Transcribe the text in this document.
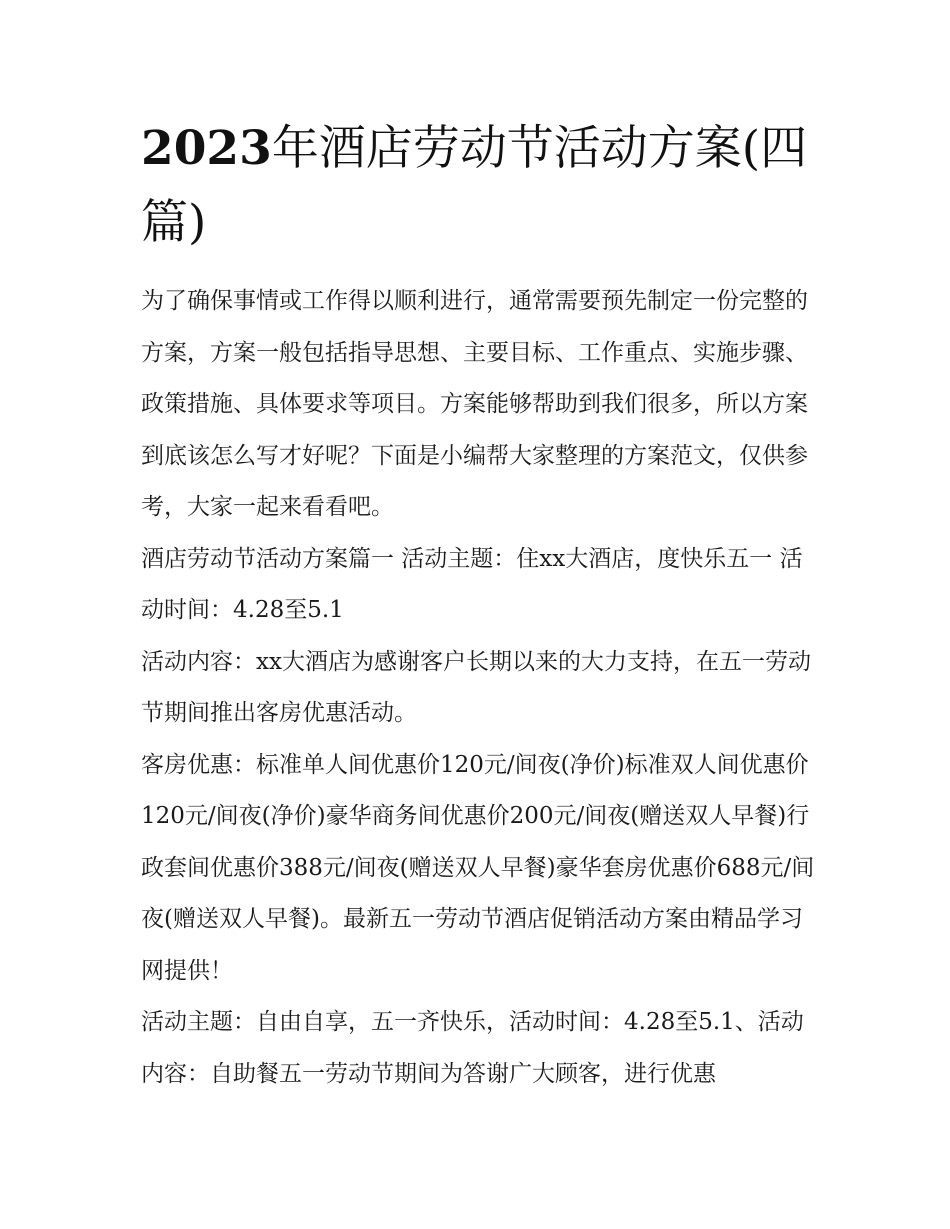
2023年酒店劳动节活动方案(四篇)

为了确保事情或工作得以顺利进行，通常需要预先制定一份完整的方案，方案一般包括指导思想、主要目标、工作重点、实施步骤、政策措施、具体要求等项目。方案能够帮助到我们很多，所以方案到底该怎么写才好呢？下面是小编帮大家整理的方案范文，仅供参考，大家一起来看看吧。

酒店劳动节活动方案篇一 活动主题：住xx大酒店，度快乐五一 活动时间：4.28至5.1

活动内容：xx大酒店为感谢客户长期以来的大力支持，在五一劳动节期间推出客房优惠活动。

客房优惠：标准单人间优惠价120元/间夜(净价)标准双人间优惠价120元/间夜(净价)豪华商务间优惠价200元/间夜(赠送双人早餐)行政套间优惠价388元/间夜(赠送双人早餐)豪华套房优惠价688元/间夜(赠送双人早餐)。最新五一劳动节酒店促销活动方案由精品学习网提供！

活动主题：自由自享，五一齐快乐，活动时间：4.28至5.1、活动内容：自助餐五一劳动节期间为答谢广大顾客，进行优惠
